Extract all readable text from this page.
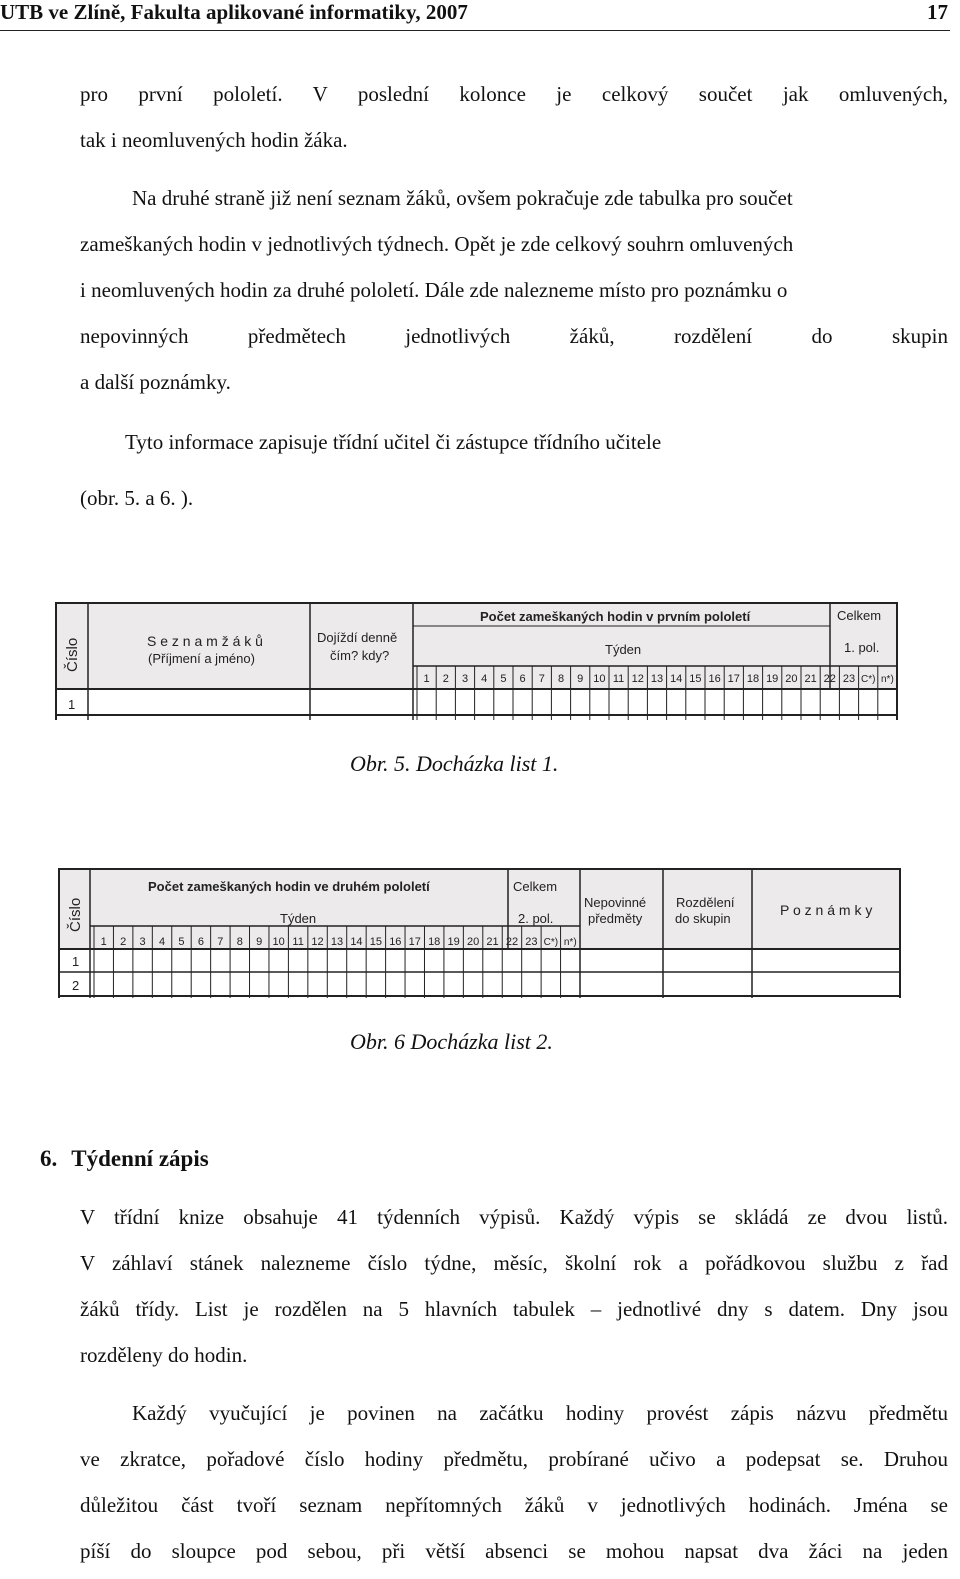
UTB ve Zlíně, Fakulta aplikované informatiky, 2007	17
pro první pololetí. V poslední kolonce je celkový součet jak omluvených,
tak i neomluvených hodin žáka.
Na druhé straně již není seznam žáků, ovšem pokračuje zde tabulka pro součet
zameškaných hodin v jednotlivých týdnech. Opět je zde celkový souhrn omluvených
i neomluvených hodin za druhé pololetí. Dále zde nalezneme místo pro poznámku o
nepovinných předmětech jednotlivých žáků, rozdělení do skupin
a další poznámky.
Tyto informace zapisuje třídní učitel či zástupce třídního učitele
(obr. 5. a 6. ).
1 2 3 4 5 6 7 8 9 10 11 12 13 14 15 16 17 18 19 20 21 22 23 C*) n*)
Číslo	S e z n a m ž á k ů
(Příjmení a jméno)
Dojíždí denně
čím? kdy?
Počet zameškaných hodin v prvním pololetí
Týden
Celkem
1. pol.
1
Obr. 5. Docházka list 1.
1 2 3 4 5 6 7 8 9 10 11 12 13 14 15 16 17 18 19 20 21 22 23 C*) n*)
Číslo
Počet zameškaných hodin ve druhém pololetí
Týden
Celkem
2. pol.
Nepovinné
předměty
Rozdělení
do skupin
P o z n á m k y
1
2
Obr. 6 Docházka list 2.
6. Týdenní zápis
V třídní knize obsahuje 41 týdenních výpisů. Každý výpis se skládá ze dvou listů.
V záhlaví stánek nalezneme číslo týdne, měsíc, školní rok a pořádkovou službu z řad
žáků třídy. List je rozdělen na 5 hlavních tabulek – jednotlivé dny s datem. Dny jsou
rozděleny do hodin.
Každý vyučující je povinen na začátku hodiny provést zápis názvu předmětu
ve zkratce, pořadové číslo hodiny předmětu, probírané učivo a podepsat se. Druhou
důležitou část tvoří seznam nepřítomných žáků v jednotlivých hodinách. Jména se
píší do sloupce pod sebou, při větší absenci se mohou napsat dva žáci na jeden
